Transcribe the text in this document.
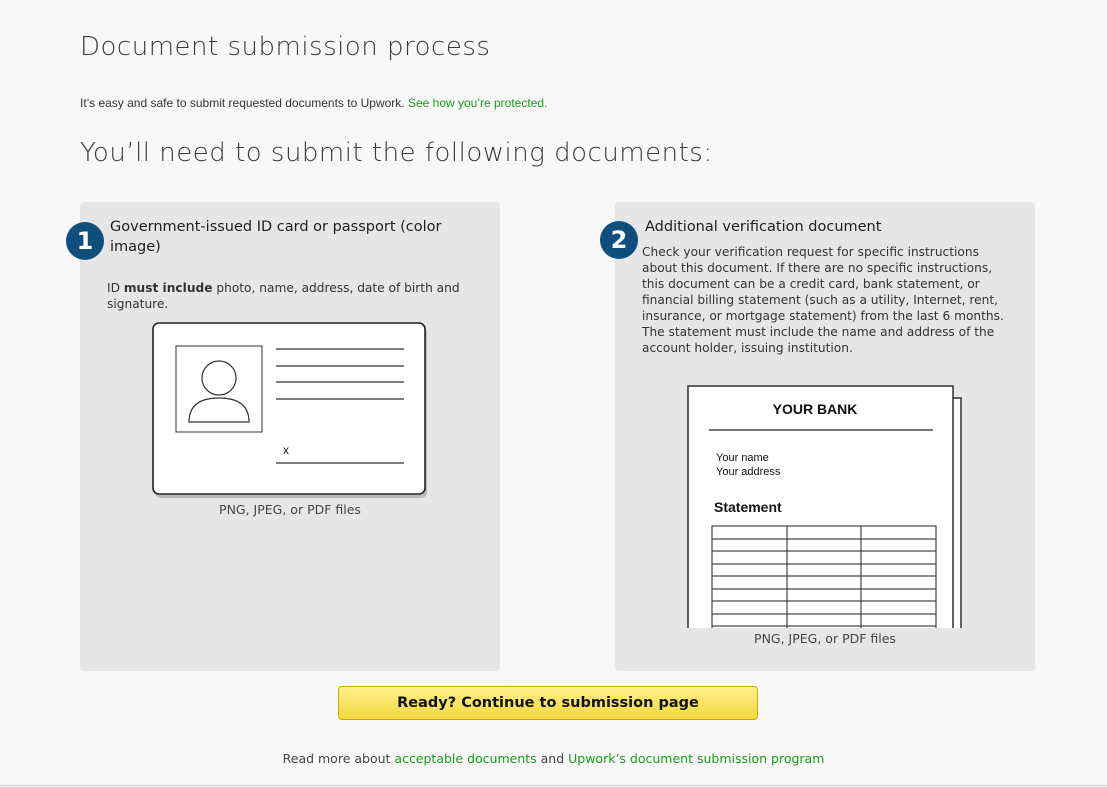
Document submission process
It’s easy and safe to submit requested documents to Upwork. See how you’re protected.
You’ll need to submit the following documents:
1	Government-issued ID card or passport (color image)
ID must include photo, name, address, date of birth and signature.
x
PNG, JPEG, or PDF files
2	Additional verification document
Check your verification request for specific instructions about this document. If there are no specific instructions, this document can be a credit card, bank statement, or financial billing statement (such as a utility, Internet, rent, insurance, or mortgage statement) from the last 6 months. The statement must include the name and address of the account holder, issuing institution.
YOUR BANK
Your name
Your address
Statement
PNG, JPEG, or PDF files
Ready? Continue to submission page
Read more about acceptable documents and Upwork’s document submission program
